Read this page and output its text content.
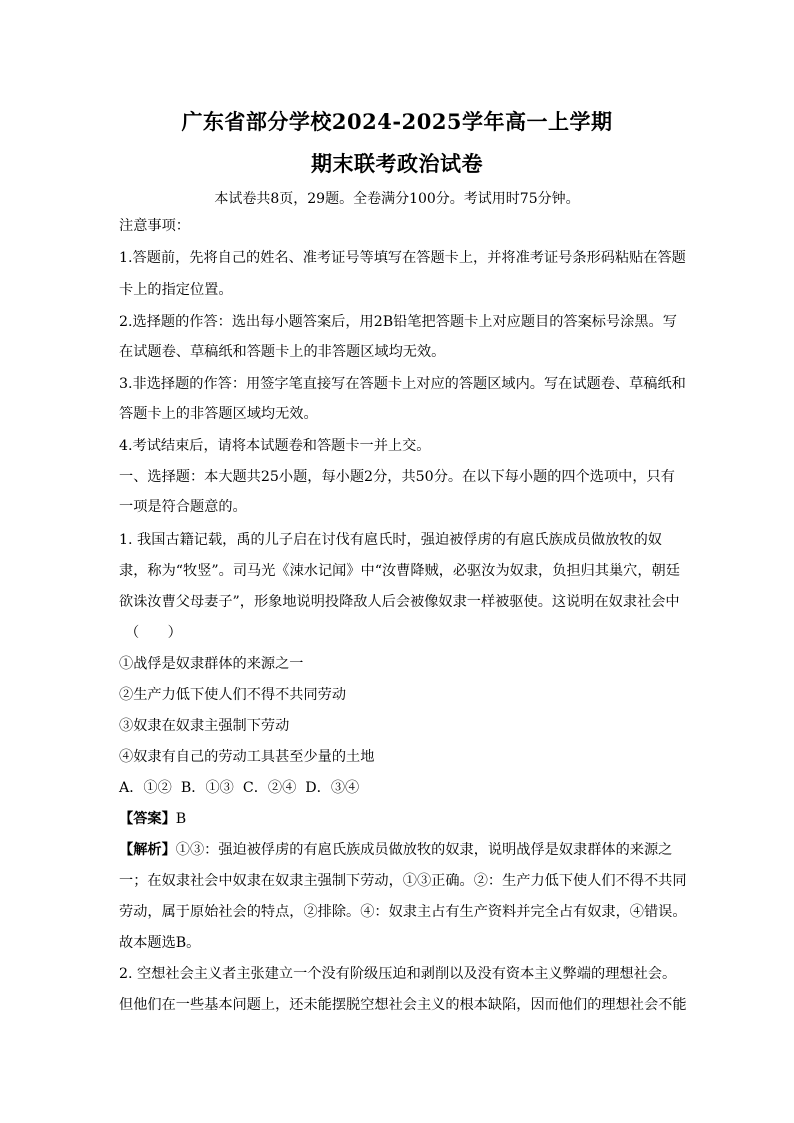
广东省部分学校2024-2025学年高一上学期
期末联考政治试卷
本试卷共8页，29题。全卷满分100分。考试用时75分钟。
注意事项：
1.答题前，先将自己的姓名、准考证号等填写在答题卡上，并将准考证号条形码粘贴在答题
卡上的指定位置。
2.选择题的作答：选出每小题答案后，用2B铅笔把答题卡上对应题目的答案标号涂黑。写
在试题卷、草稿纸和答题卡上的非答题区域均无效。
3.非选择题的作答：用签字笔直接写在答题卡上对应的答题区域内。写在试题卷、草稿纸和
答题卡上的非答题区域均无效。
4.考试结束后，请将本试题卷和答题卡一并上交。
一、选择题：本大题共25小题，每小题2分，共50分。在以下每小题的四个选项中，只有
一项是符合题意的。
1. 我国古籍记载，禹的儿子启在讨伐有扈氏时，强迫被俘虏的有扈氏族成员做放牧的奴
隶，称为“牧竖”。司马光《涑水记闻》中“汝曹降贼，必驱汝为奴隶，负担归其巢穴，朝廷
欲诛汝曹父母妻子”，形象地说明投降敌人后会被像奴隶一样被驱使。这说明在奴隶社会中
（　　）
①战俘是奴隶群体的来源之一
②生产力低下使人们不得不共同劳动
③奴隶在奴隶主强制下劳动
④奴隶有自己的劳动工具甚至少量的土地
A．①②  B．①③  C．②④  D．③④
【答案】B
【解析】①③：强迫被俘虏的有扈氏族成员做放牧的奴隶，说明战俘是奴隶群体的来源之
一；在奴隶社会中奴隶在奴隶主强制下劳动，①③正确。②：生产力低下使人们不得不共同
劳动，属于原始社会的特点，②排除。④：奴隶主占有生产资料并完全占有奴隶，④错误。
故本题选B。
2. 空想社会主义者主张建立一个没有阶级压迫和剥削以及没有资本主义弊端的理想社会。
但他们在一些基本问题上，还未能摆脱空想社会主义的根本缺陷，因而他们的理想社会不能
